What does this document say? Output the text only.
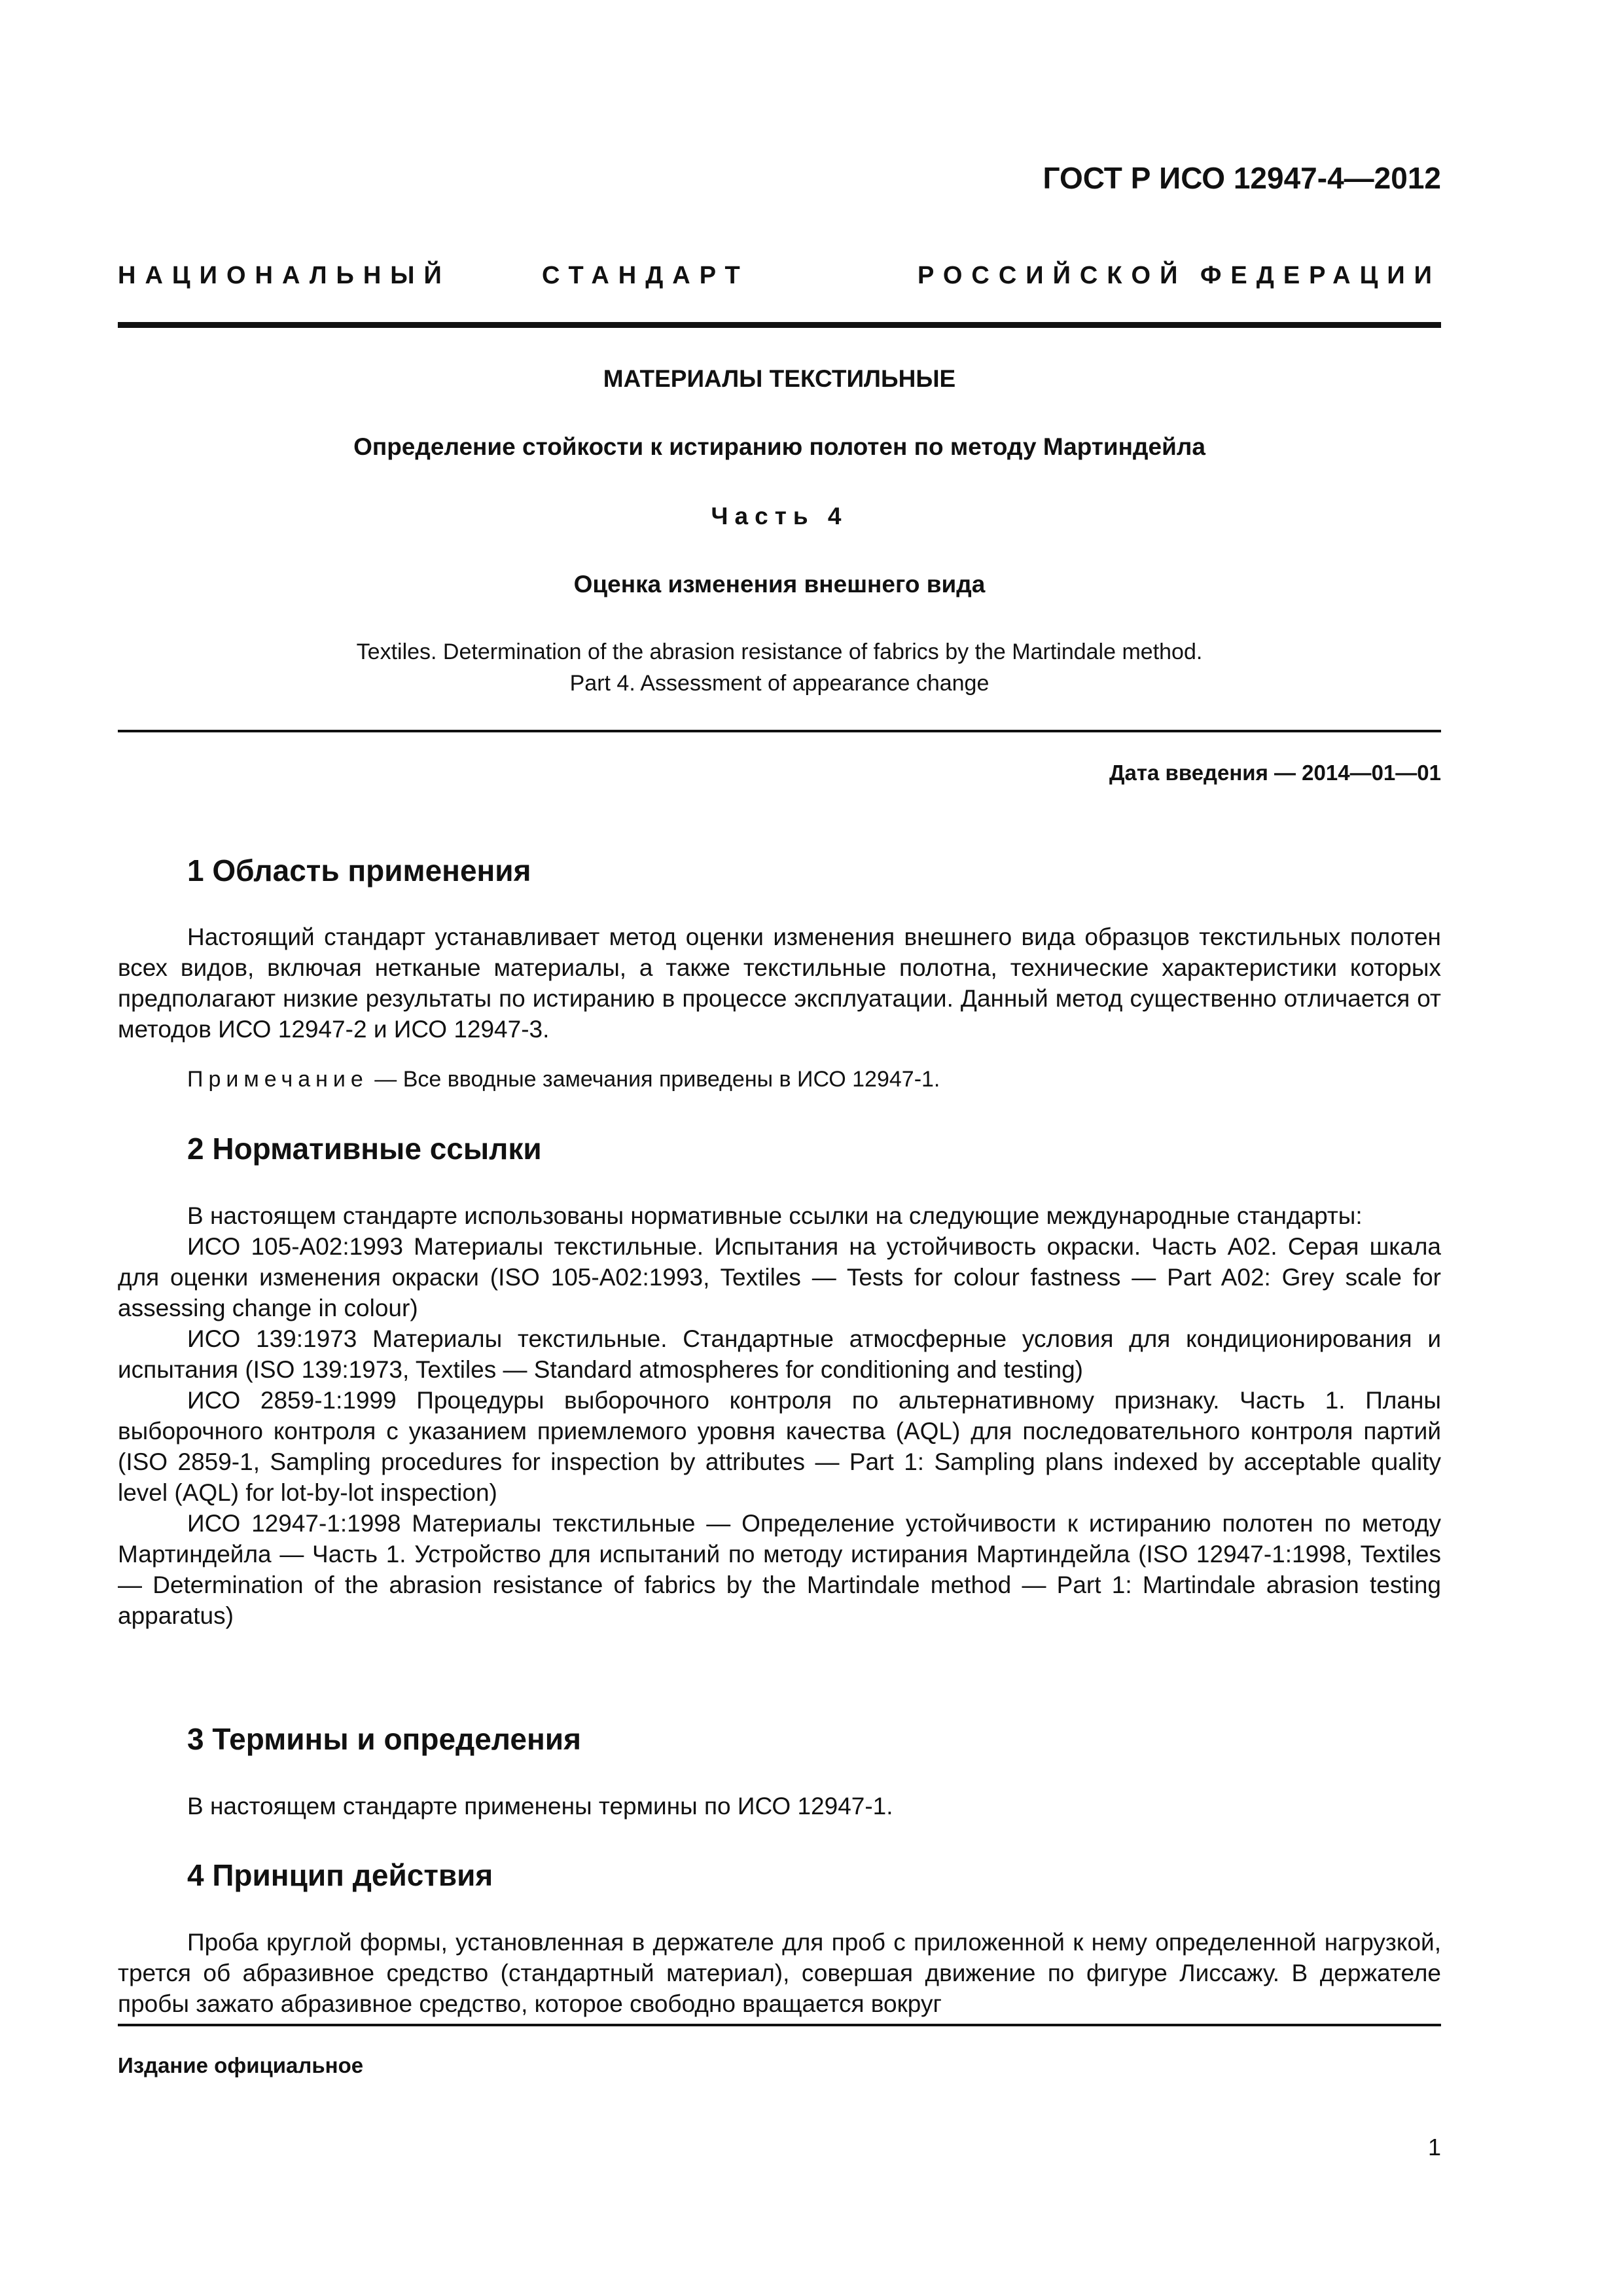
ГОСТ Р ИСО 12947-4—2012
НАЦИОНАЛЬНЫЙ	СТАНДАРТ	РОССИЙСКОЙ ФЕДЕРАЦИИ
МАТЕРИАЛЫ ТЕКСТИЛЬНЫЕ
Определение стойкости к истиранию полотен по методу Мартиндейла
Часть 4
Оценка изменения внешнего вида
Textiles. Determination of the abrasion resistance of fabrics by the Martindale method.
Part 4. Assessment of appearance change
Дата введения — 2014—01—01
1 Область применения

Настоящий стандарт устанавливает метод оценки изменения внешнего вида образцов текстильных полотен всех видов, включая нетканые материалы, а также текстильные полотна, технические характеристики которых предполагают низкие результаты по истиранию в процессе эксплуатации. Данный метод существенно отличается от методов ИСО 12947-2 и ИСО 12947-3.

Примечание — Все вводные замечания приведены в ИСО 12947-1.
2 Нормативные ссылки

В настоящем стандарте использованы нормативные ссылки на следующие международные стандарты:

ИСО 105-A02:1993 Материалы текстильные. Испытания на устойчивость окраски. Часть А02. Серая шкала для оценки изменения окраски (ISO 105-A02:1993, Textiles — Tests for colour fastness — Part A02: Grey scale for assessing change in colour)

ИСО 139:1973 Материалы текстильные. Стандартные атмосферные условия для кондиционирования и испытания (ISO 139:1973, Textiles — Standard atmospheres for conditioning and testing)

ИСО 2859-1:1999 Процедуры выборочного контроля по альтернативному признаку. Часть 1. Планы выборочного контроля с указанием приемлемого уровня качества (AQL) для последовательного контроля партий (ISO 2859-1, Sampling procedures for inspection by attributes — Part 1: Sampling plans indexed by acceptable quality level (AQL) for lot-by-lot inspection)

ИСО 12947-1:1998 Материалы текстильные — Определение устойчивости к истиранию полотен по методу Мартиндейла — Часть 1. Устройство для испытаний по методу истирания Мартиндейла (ISO 12947-1:1998, Textiles — Determination of the abrasion resistance of fabrics by the Martindale method — Part 1: Martindale abrasion testing apparatus)

3 Термины и определения

В настоящем стандарте применены термины по ИСО 12947-1.

4 Принцип действия

Проба круглой формы, установленная в держателе для проб с приложенной к нему определенной нагрузкой, трется об абразивное средство (стандартный материал), совершая движение по фигуре Лиссажу. В держателе пробы зажато абразивное средство, которое свободно вращается вокруг

Издание официальное
1
